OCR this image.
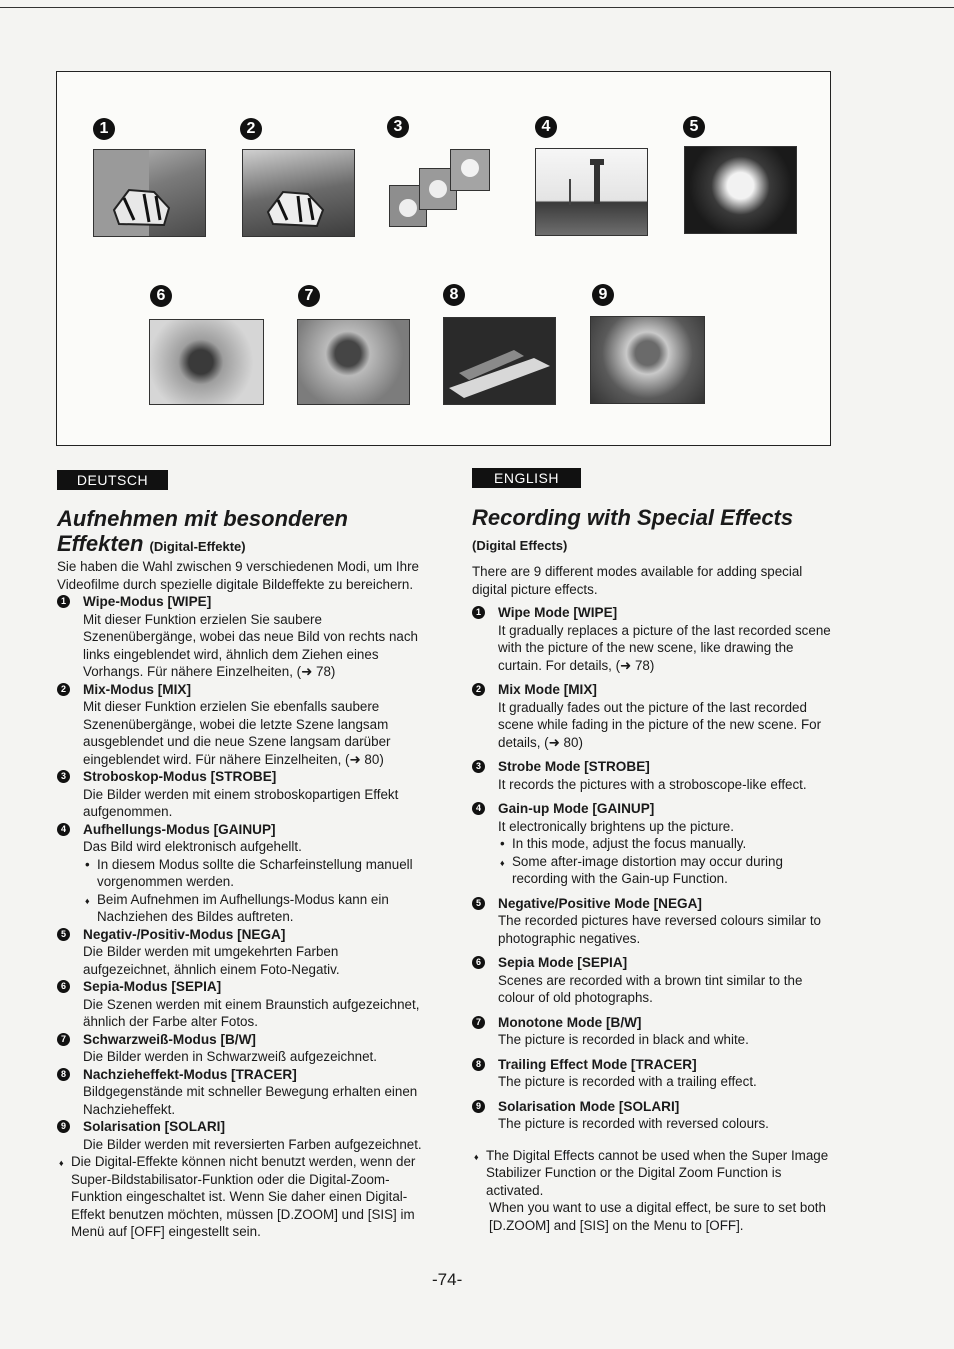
1	2	3	4	5
6	7	8	9
DEUTSCH
Aufnehmen mit besonderen
Effekten (Digital-Effekte)

Sie haben die Wahl zwischen 9 verschiedenen Modi, um Ihre Videofilme durch spezielle digitale Bildeffekte zu bereichern.

1 Wipe-Modus [WIPE]

Mit dieser Funktion erzielen Sie saubere Szenenübergänge, wobei das neue Bild von rechts nach links eingeblendet wird, ähnlich dem Ziehen eines Vorhangs. Für nähere Einzelheiten, (➜ 78)

2 Mix-Modus [MIX]

Mit dieser Funktion erzielen Sie ebenfalls saubere Szenenübergänge, wobei die letzte Szene langsam ausgeblendet und die neue Szene langsam darüber eingeblendet wird. Für nähere Einzelheiten, (➜ 80)

3 Stroboskop-Modus [STROBE]

Die Bilder werden mit einem stroboskopartigen Effekt aufgenommen.

4 Aufhellungs-Modus [GAINUP]

Das Bild wird elektronisch aufgehellt.

• In diesem Modus sollte die Scharfeinstellung manuell vorgenommen werden.

♦ Beim Aufnehmen im Aufhellungs-Modus kann ein Nachziehen des Bildes auftreten.

5 Negativ-/Positiv-Modus [NEGA]

Die Bilder werden mit umgekehrten Farben aufgezeichnet, ähnlich einem Foto-Negativ.

6 Sepia-Modus [SEPIA]

Die Szenen werden mit einem Braunstich aufgezeichnet, ähnlich der Farbe alter Fotos.

7 Schwarzweiß-Modus [B/W]

Die Bilder werden in Schwarzweiß aufgezeichnet.

8 Nachzieheffekt-Modus [TRACER]

Bildgegenstände mit schneller Bewegung erhalten einen Nachzieheffekt.

9 Solarisation [SOLARI]

Die Bilder werden mit reversierten Farben aufgezeichnet.

♦ Die Digital-Effekte können nicht benutzt werden, wenn der Super-Bildstabilisator-Funktion oder die Digital-Zoom-Funktion eingeschaltet ist. Wenn Sie daher einen Digital-Effekt benutzen möchten, müssen [D.ZOOM] und [SIS] im Menü auf [OFF] eingestellt sein.

ENGLISH
Recording with Special Effects
(Digital Effects)

There are 9 different modes available for adding special digital picture effects.

1 Wipe Mode [WIPE]

It gradually replaces a picture of the last recorded scene with the picture of the new scene, like drawing the curtain. For details, (➜ 78)

2 Mix Mode [MIX]

It gradually fades out the picture of the last recorded scene while fading in the picture of the new scene. For details, (➜ 80)

3 Strobe Mode [STROBE]

It records the pictures with a stroboscope-like effect.

4 Gain-up Mode [GAINUP]

It electronically brightens up the picture.

• In this mode, adjust the focus manually.

♦ Some after-image distortion may occur during recording with the Gain-up Function.

5 Negative/Positive Mode [NEGA]

The recorded pictures have reversed colours similar to photographic negatives.

6 Sepia Mode [SEPIA]

Scenes are recorded with a brown tint similar to the colour of old photographs.

7 Monotone Mode [B/W]

The picture is recorded in black and white.

8 Trailing Effect Mode [TRACER]

The picture is recorded with a trailing effect.

9 Solarisation Mode [SOLARI]

The picture is recorded with reversed colours.

♦ The Digital Effects cannot be used when the Super Image Stabilizer Function or the Digital Zoom Function is activated.

When you want to use a digital effect, be sure to set both [D.ZOOM] and [SIS] on the Menu to [OFF].

-74-
